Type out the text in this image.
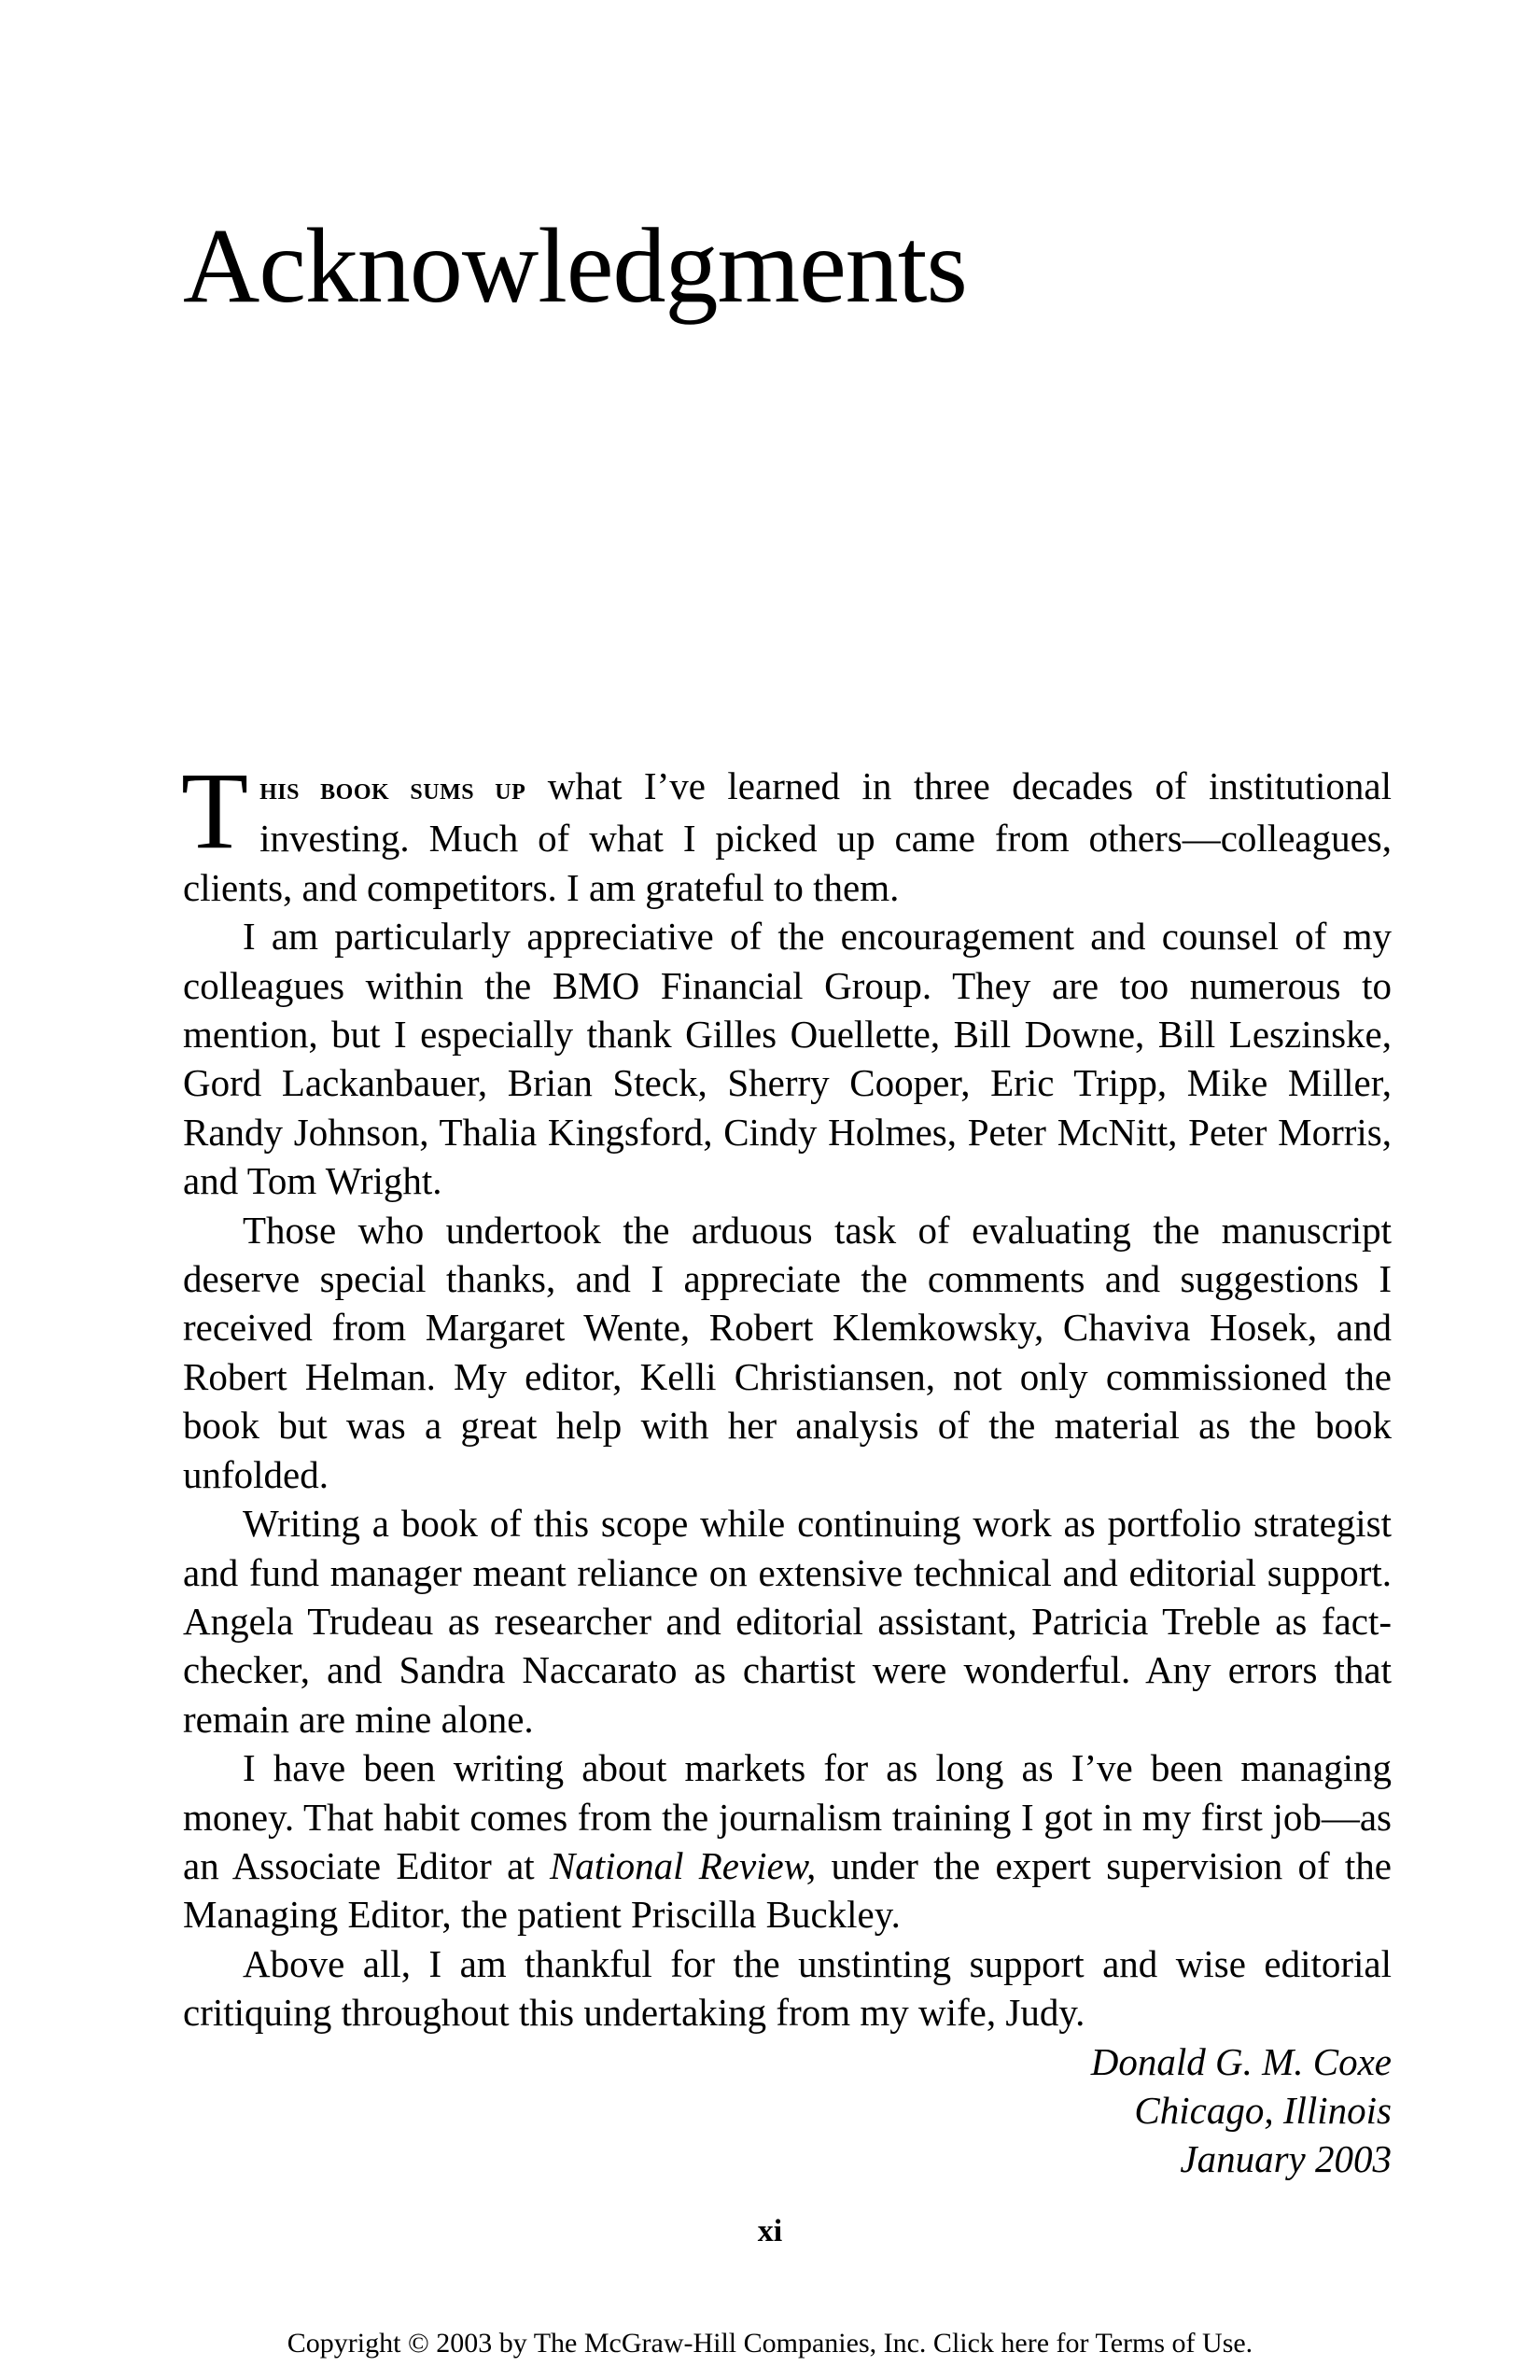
Acknowledgments

This book sums up what I’ve learned in three decades of institutional investing. Much of what I picked up came from others—colleagues, clients, and competitors. I am grateful to them.

I am particularly appreciative of the encouragement and counsel of my colleagues within the BMO Financial Group. They are too numerous to mention, but I especially thank Gilles Ouellette, Bill Downe, Bill Leszinske, Gord Lackanbauer, Brian Steck, Sherry Cooper, Eric Tripp, Mike Miller, Randy Johnson, Thalia Kingsford, Cindy Holmes, Peter McNitt, Peter Morris, and Tom Wright.

Those who undertook the arduous task of evaluating the manuscript deserve special thanks, and I appreciate the comments and suggestions I received from Margaret Wente, Robert Klemkowsky, Chaviva Hosek, and Robert Helman. My editor, Kelli Christiansen, not only commissioned the book but was a great help with her analysis of the material as the book unfolded.

Writing a book of this scope while continuing work as portfolio strategist and fund manager meant reliance on extensive technical and editorial support. Angela Trudeau as researcher and editorial assistant, Patricia Treble as fact-checker, and Sandra Naccarato as chartist were wonderful. Any errors that remain are mine alone.

I have been writing about markets for as long as I’ve been managing money. That habit comes from the journalism training I got in my first job—as an Associate Editor at National Review, under the expert supervision of the Managing Editor, the patient Priscilla Buckley.

Above all, I am thankful for the unstinting support and wise editorial critiquing throughout this undertaking from my wife, Judy.

Donald G. M. Coxe
Chicago, Illinois
January 2003
xi
Copyright © 2003 by The McGraw-Hill Companies, Inc. Click here for Terms of Use.
